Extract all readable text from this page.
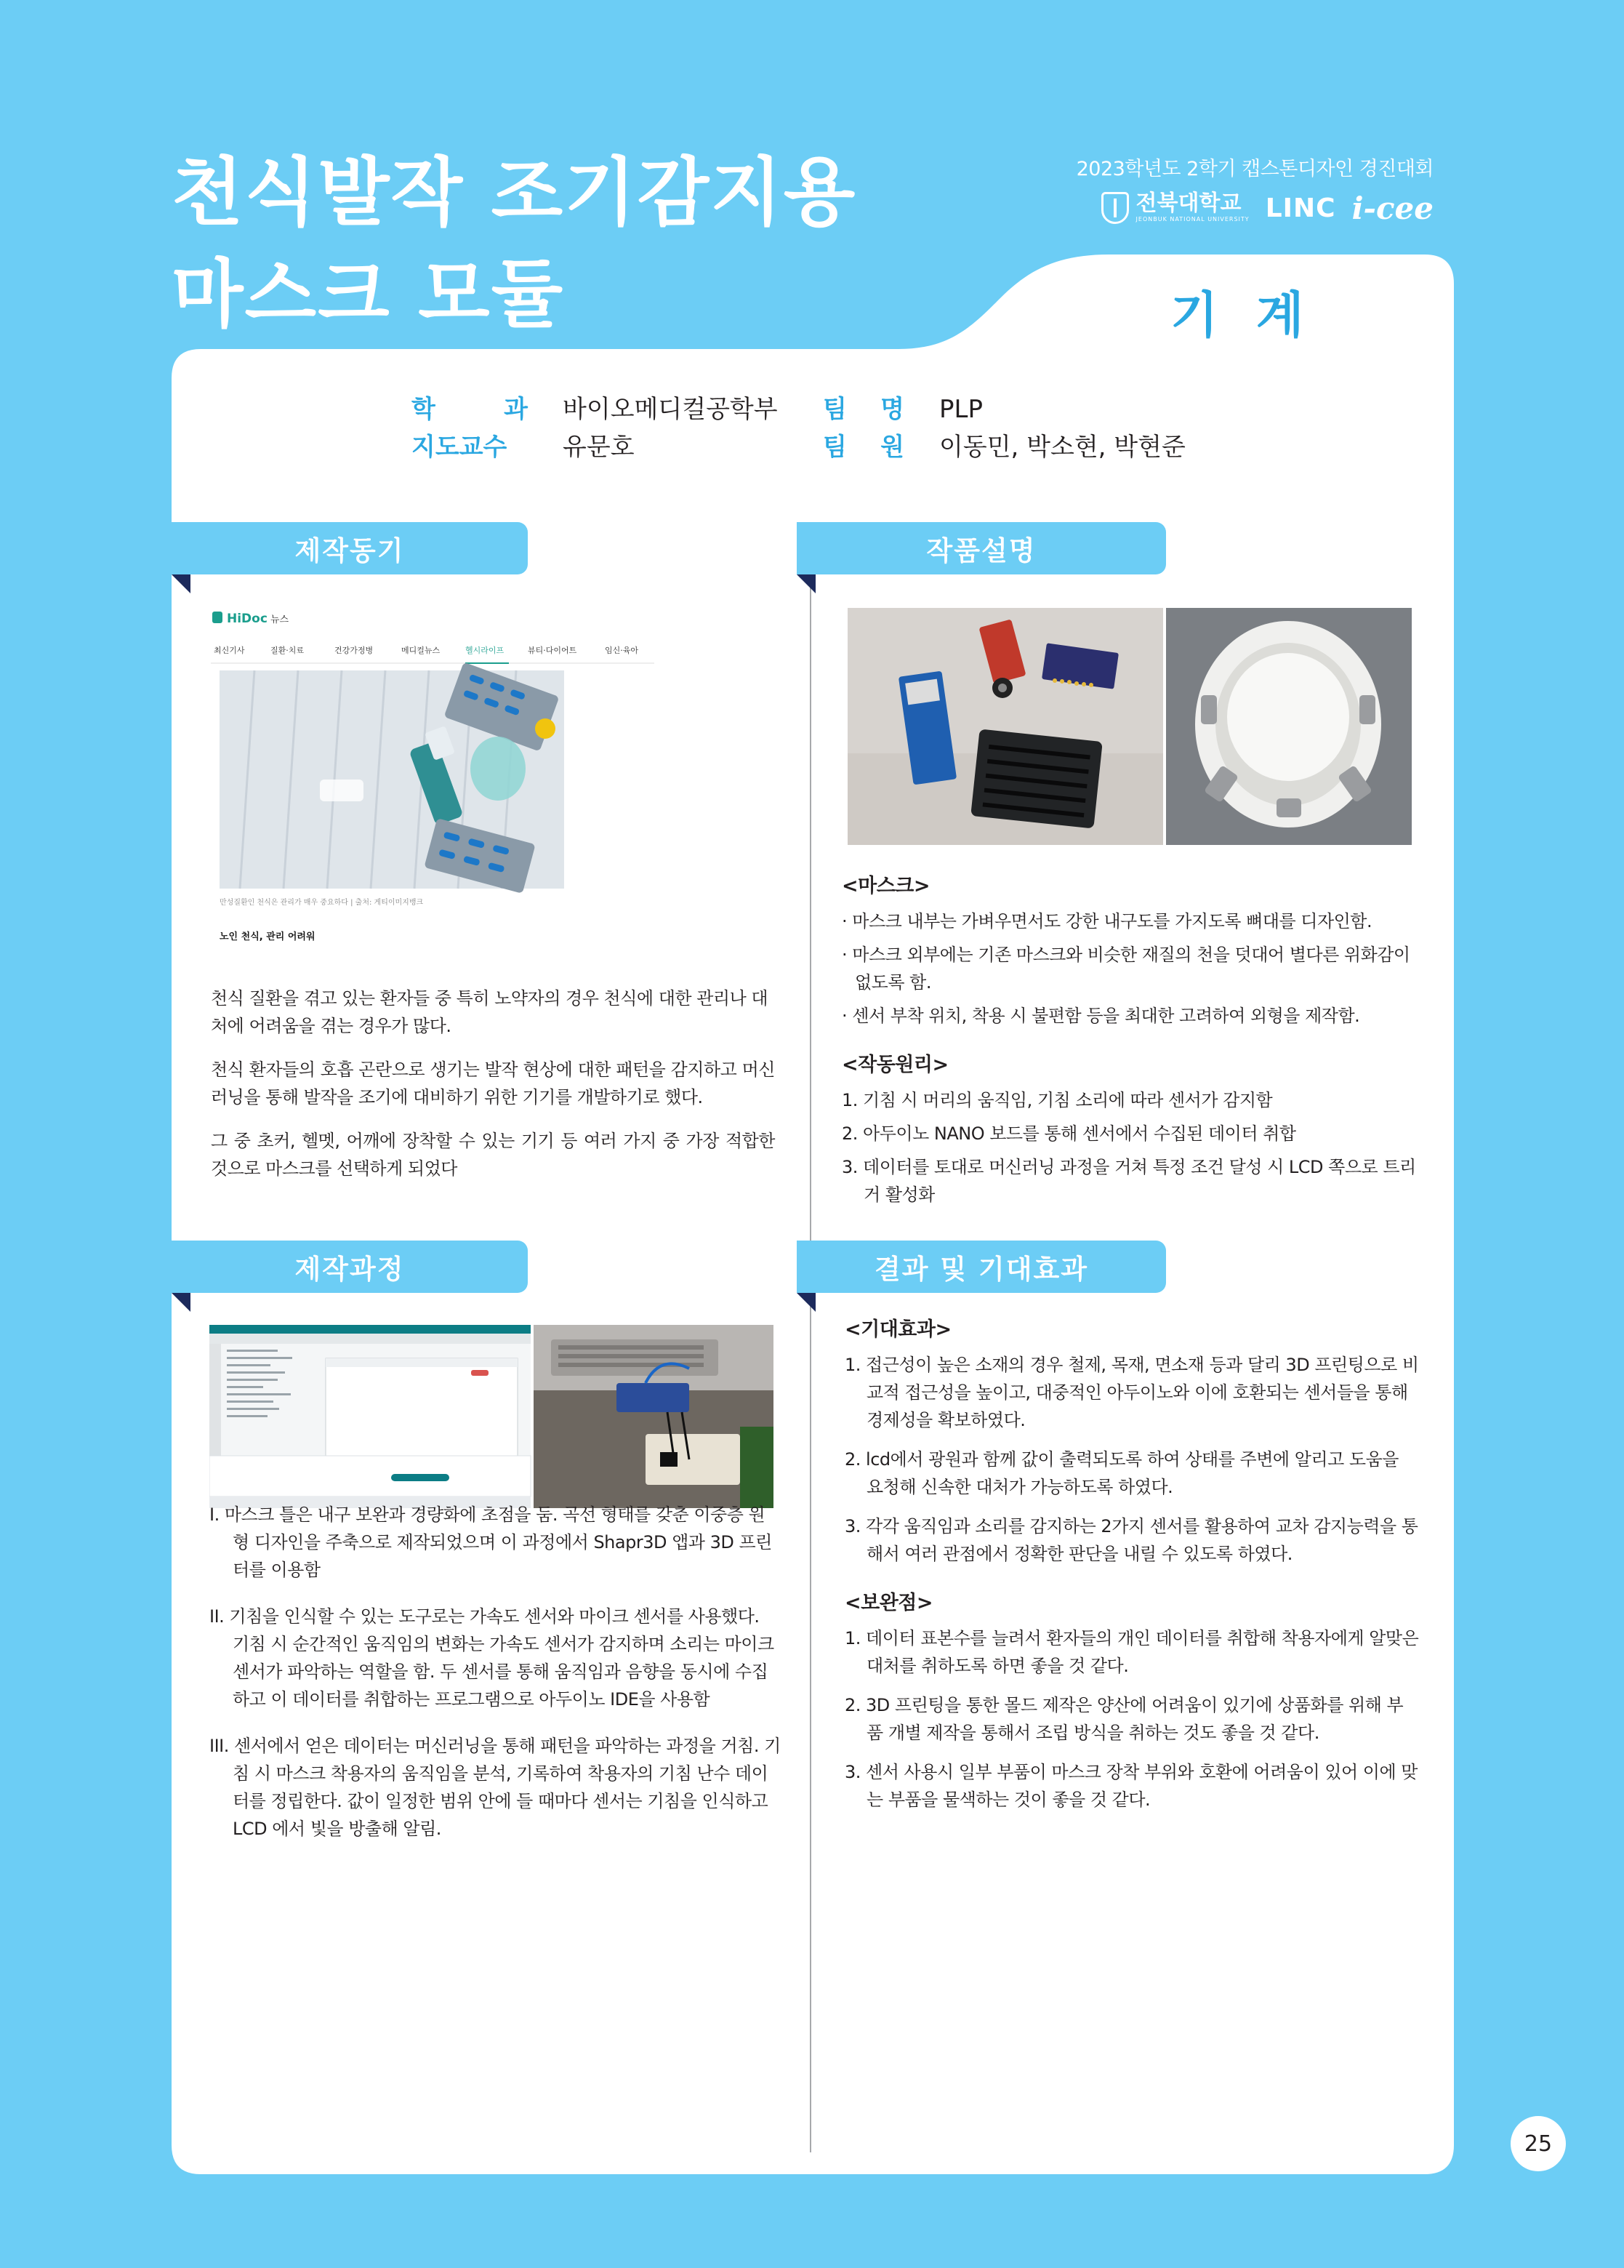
천식발작 조기감지용
마스크 모듈
2023학년도 2학기 캡스톤디자인 경진대회
전북대학교
JEONBUK NATIONAL UNIVERSITY LINC i-cee
기계
학	과 바이오메디컬공학부
지도교수	유문호
팀 명 PLP
팀 원 이동민, 박소현, 박현준
제작동기	작품설명
제작과정	결과 및 기대효과
HiDoc 뉴스
최신기사	질환·치료	건강가정병	메디컬뉴스	헬시라이프	뷰티·다이어트	임신·육아
만성질환인 천식은 관리가 매우 중요하다 | 출처: 게티이미지뱅크
노인 천식, 관리 어려워

천식 질환을 겪고 있는 환자들 중 특히 노약자의 경우 천식에 대한 관리나 대처에 어려움을 겪는 경우가 많다.

천식 환자들의 호흡 곤란으로 생기는 발작 현상에 대한 패턴을 감지하고 머신러닝을 통해 발작을 조기에 대비하기 위한 기기를 개발하기로 했다.

그 중 초커, 헬멧, 어깨에 장착할 수 있는 기기 등 여러 가지 중 가장 적합한 것으로 마스크를 선택하게 되었다

<마스크>
· 마스크 내부는 가벼우면서도 강한 내구도를 가지도록 뼈대를 디자인함.
· 마스크 외부에는 기존 마스크와 비슷한 재질의 천을 덧대어 별다른 위화감이 없도록 함.
· 센서 부착 위치, 착용 시 불편함 등을 최대한 고려하여 외형을 제작함.
<작동원리>
1. 기침 시 머리의 움직임, 기침 소리에 따라 센서가 감지함
2. 아두이노 NANO 보드를 통해 센서에서 수집된 데이터 취합
3. 데이터를 토대로 머신러닝 과정을 거쳐 특정 조건 달성 시 LCD 쪽으로 트리거 활성화
I. 마스크 틀은 내구 보완과 경량화에 초점을 둠. 곡선 형태를 갖춘 이중층 원형 디자인을 주축으로 제작되었으며 이 과정에서 Shapr3D 앱과 3D 프린터를 이용함
II. 기침을 인식할 수 있는 도구로는 가속도 센서와 마이크 센서를 사용했다. 기침 시 순간적인 움직임의 변화는 가속도 센서가 감지하며 소리는 마이크 센서가 파악하는 역할을 함. 두 센서를 통해 움직임과 음향을 동시에 수집하고 이 데이터를 취합하는 프로그램으로 아두이노 IDE을 사용함
III. 센서에서 얻은 데이터는 머신러닝을 통해 패턴을 파악하는 과정을 거침. 기침 시 마스크 착용자의 움직임을 분석, 기록하여 착용자의 기침 난수 데이터를 정립한다. 값이 일정한 범위 안에 들 때마다 센서는 기침을 인식하고 LCD 에서 빛을 방출해 알림.
<기대효과>
1. 접근성이 높은 소재의 경우 철제, 목재, 면소재 등과 달리 3D 프린팅으로 비교적 접근성을 높이고, 대중적인 아두이노와 이에 호환되는 센서들을 통해 경제성을 확보하였다.
2. lcd에서 광원과 함께 값이 출력되도록 하여 상태를 주변에 알리고 도움을 요청해 신속한 대처가 가능하도록 하였다.
3. 각각 움직임과 소리를 감지하는 2가지 센서를 활용하여 교차 감지능력을 통해서 여러 관점에서 정확한 판단을 내릴 수 있도록 하였다.
<보완점>
1. 데이터 표본수를 늘려서 환자들의 개인 데이터를 취합해 착용자에게 알맞은 대처를 취하도록 하면 좋을 것 같다.
2. 3D 프린팅을 통한 몰드 제작은 양산에 어려움이 있기에 상품화를 위해 부품 개별 제작을 통해서 조립 방식을 취하는 것도 좋을 것 같다.
3. 센서 사용시 일부 부품이 마스크 장착 부위와 호환에 어려움이 있어 이에 맞는 부품을 물색하는 것이 좋을 것 같다.
25
